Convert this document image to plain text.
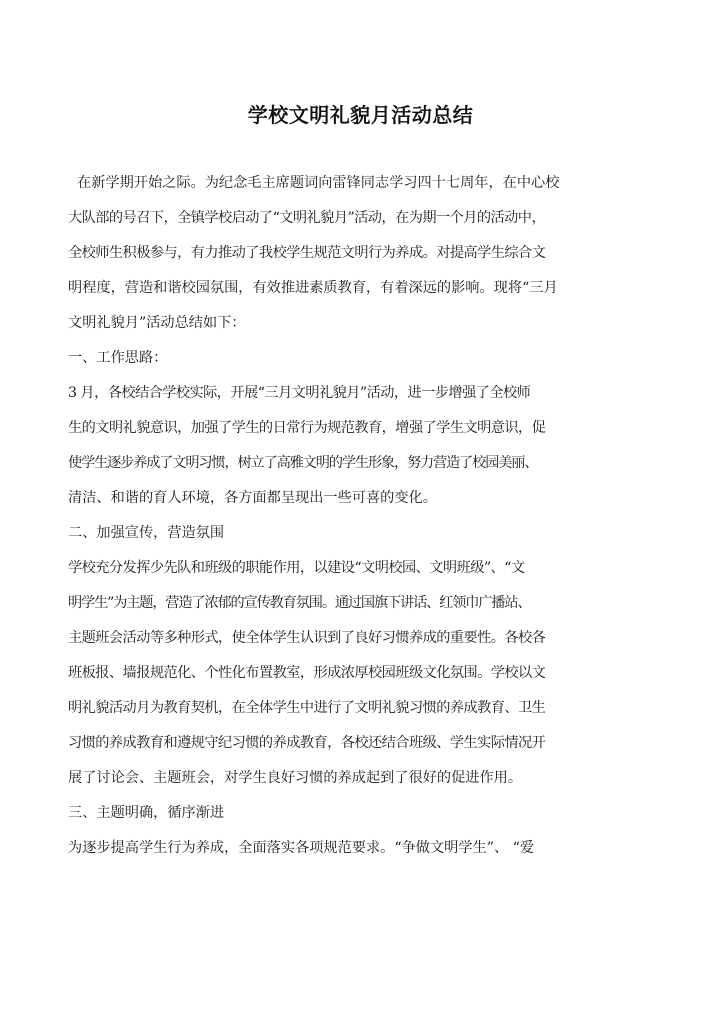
学校文明礼貌月活动总结
在新学期开始之际。为纪念毛主席题词向雷锋同志学习四十七周年，在中心校
大队部的号召下，全镇学校启动了“文明礼貌月”活动，在为期一个月的活动中，
全校师生积极参与，有力推动了我校学生规范文明行为养成。对提高学生综合文
明程度，营造和谐校园氛围，有效推进素质教育，有着深远的影响。现将“三月
文明礼貌月”活动总结如下：
一、工作思路：
3 月，各校结合学校实际，开展“三月文明礼貌月”活动，进一步增强了全校师
生的文明礼貌意识，加强了学生的日常行为规范教育，增强了学生文明意识，促
使学生逐步养成了文明习惯，树立了高雅文明的学生形象，努力营造了校园美丽、
清洁、和谐的育人环境，各方面都呈现出一些可喜的变化。
二、加强宣传，营造氛围
学校充分发挥少先队和班级的职能作用，以建设“文明校园、文明班级”、“文
明学生”为主题，营造了浓郁的宣传教育氛围。通过国旗下讲话、红领巾广播站、
主题班会活动等多种形式，使全体学生认识到了良好习惯养成的重要性。各校各
班板报、墙报规范化、个性化布置教室，形成浓厚校园班级文化氛围。学校以文
明礼貌活动月为教育契机，在全体学生中进行了文明礼貌习惯的养成教育、卫生
习惯的养成教育和遵规守纪习惯的养成教育，各校还结合班级、学生实际情况开
展了讨论会、主题班会，对学生良好习惯的养成起到了很好的促进作用。
三、主题明确，循序渐进
为逐步提高学生行为养成，全面落实各项规范要求。“争做文明学生”、 “爱
